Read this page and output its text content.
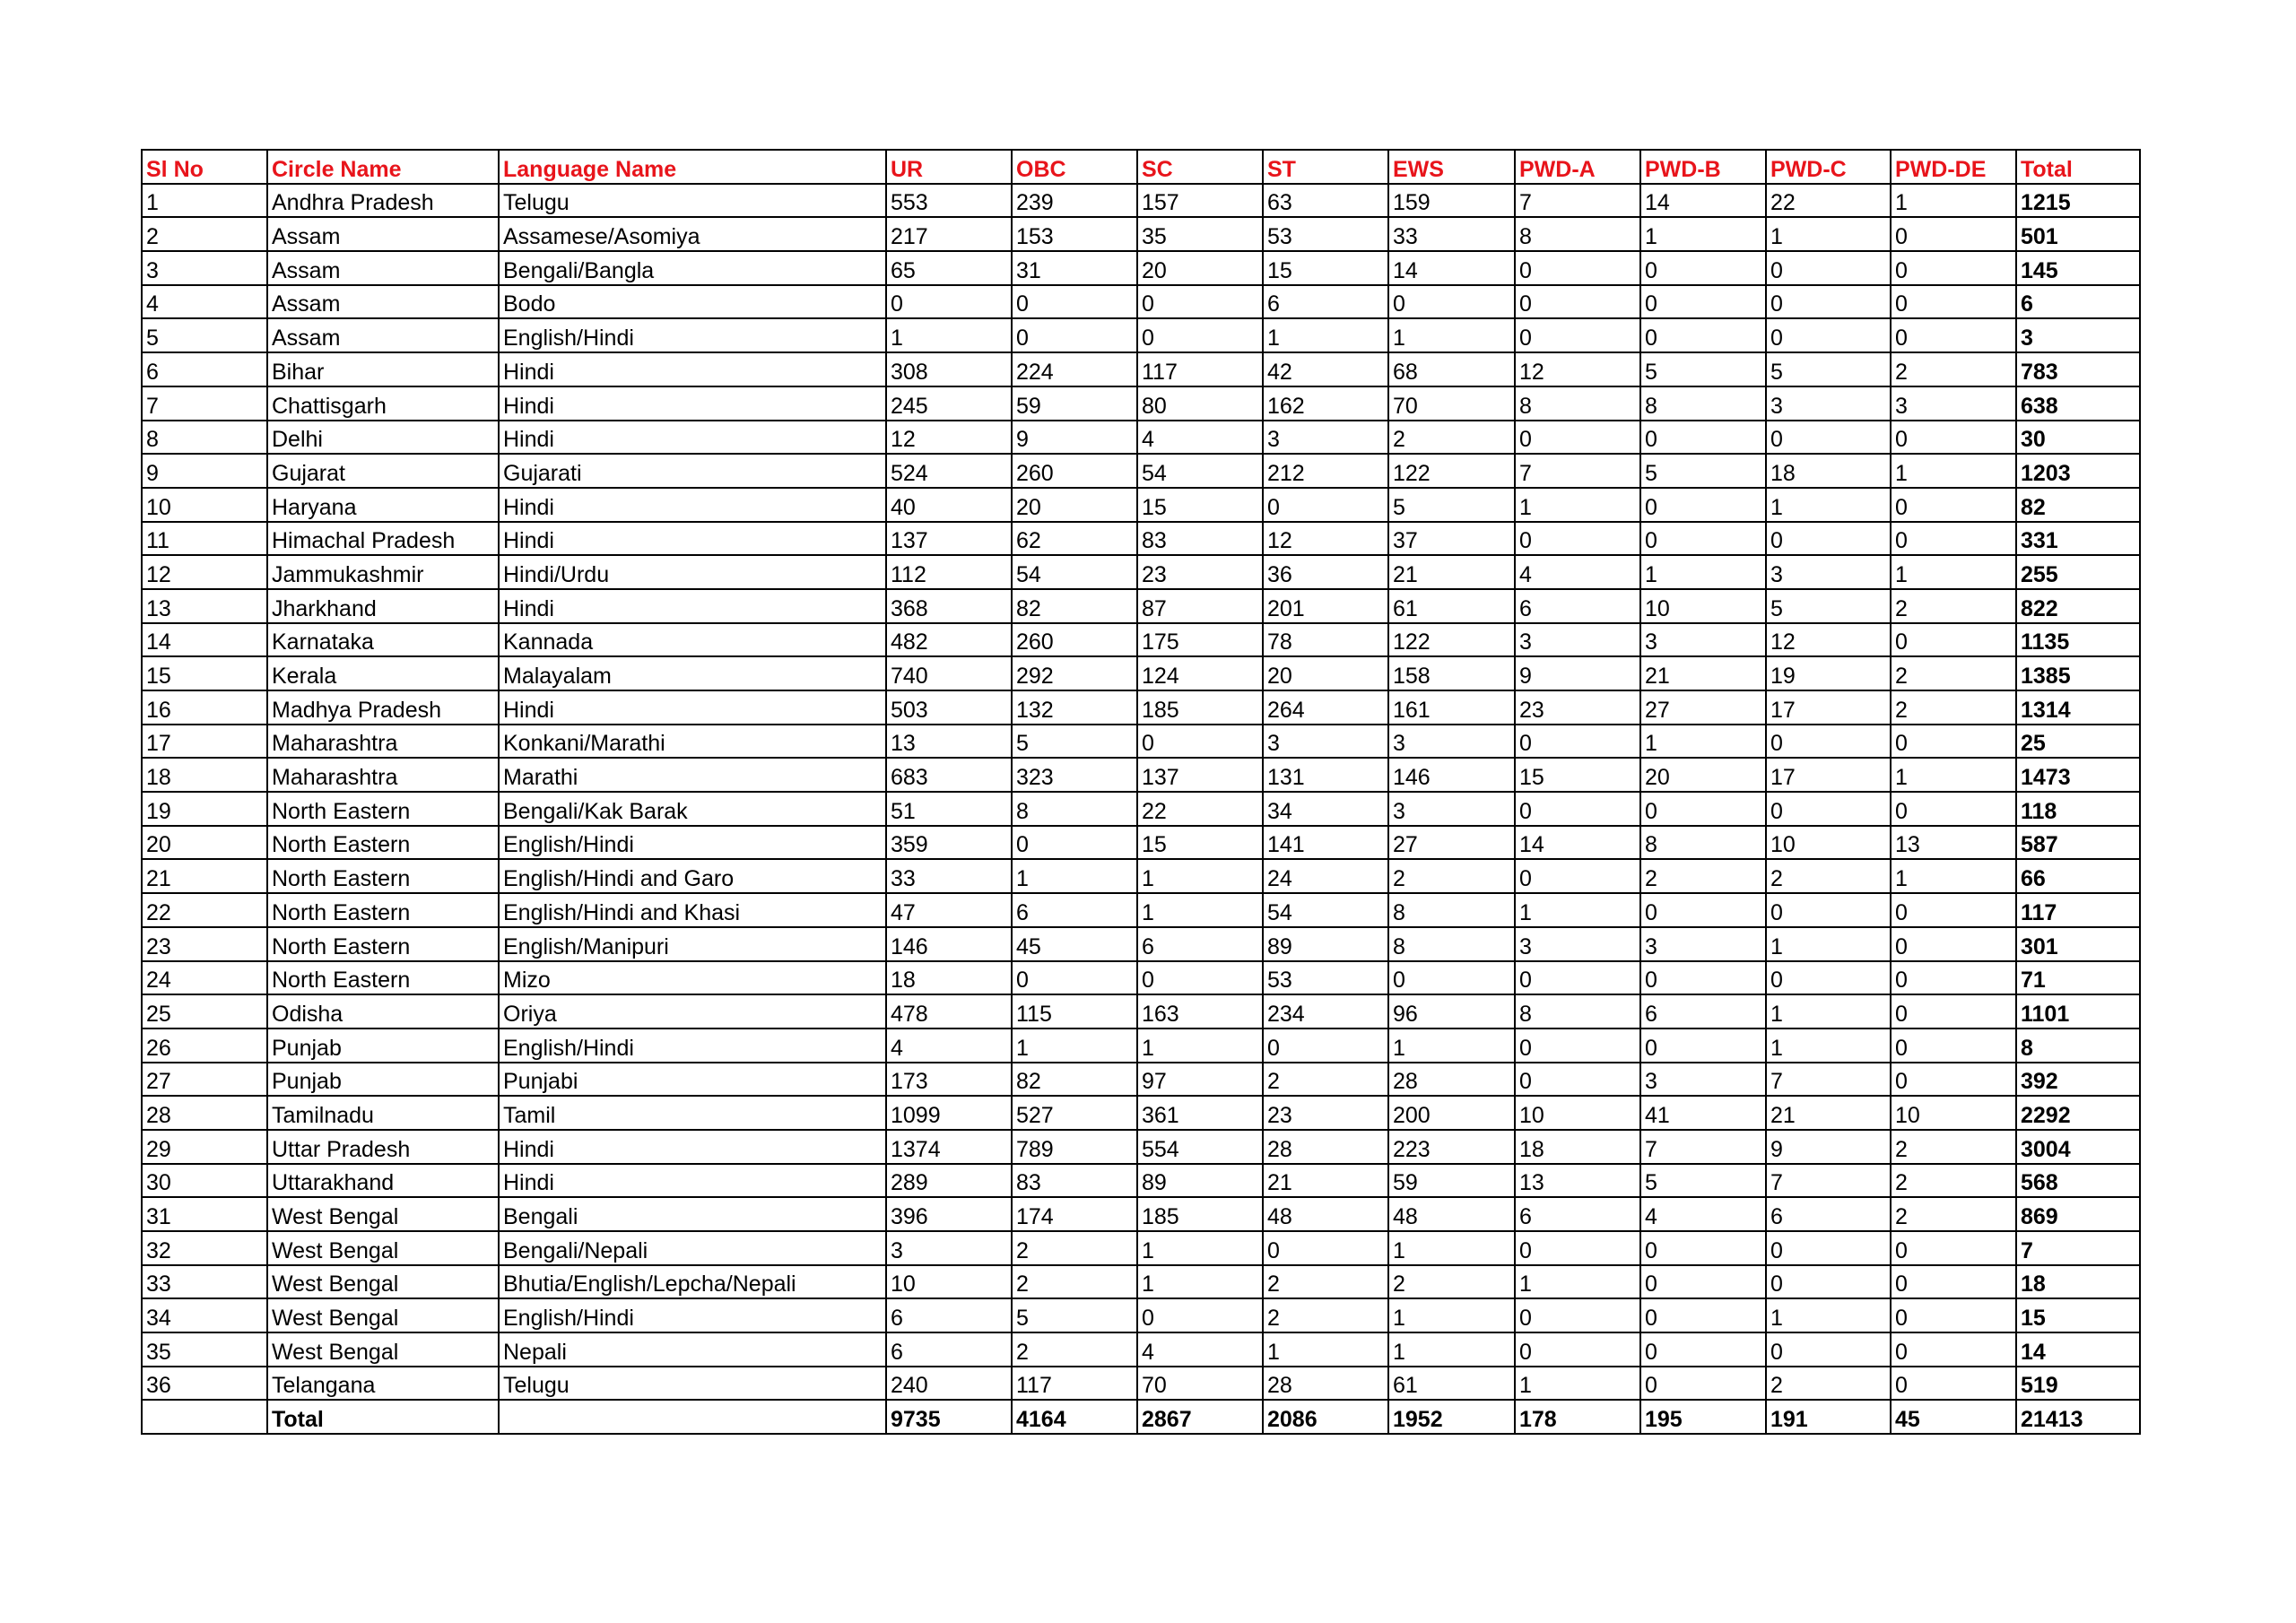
Sl No	Circle Name	Language Name	UR	OBC	SC	ST	EWS	PWD-A	PWD-B	PWD-C	PWD-DE	Total
1	Andhra Pradesh	Telugu	553	239	157	63	159	7	14	22	1	1215
2	Assam	Assamese/Asomiya	217	153	35	53	33	8	1	1	0	501
3	Assam	Bengali/Bangla	65	31	20	15	14	0	0	0	0	145
4	Assam	Bodo	0	0	0	6	0	0	0	0	0	6
5	Assam	English/Hindi	1	0	0	1	1	0	0	0	0	3
6	Bihar	Hindi	308	224	117	42	68	12	5	5	2	783
7	Chattisgarh	Hindi	245	59	80	162	70	8	8	3	3	638
8	Delhi	Hindi	12	9	4	3	2	0	0	0	0	30
9	Gujarat	Gujarati	524	260	54	212	122	7	5	18	1	1203
10	Haryana	Hindi	40	20	15	0	5	1	0	1	0	82
11	Himachal Pradesh	Hindi	137	62	83	12	37	0	0	0	0	331
12	Jammukashmir	Hindi/Urdu	112	54	23	36	21	4	1	3	1	255
13	Jharkhand	Hindi	368	82	87	201	61	6	10	5	2	822
14	Karnataka	Kannada	482	260	175	78	122	3	3	12	0	1135
15	Kerala	Malayalam	740	292	124	20	158	9	21	19	2	1385
16	Madhya Pradesh	Hindi	503	132	185	264	161	23	27	17	2	1314
17	Maharashtra	Konkani/Marathi	13	5	0	3	3	0	1	0	0	25
18	Maharashtra	Marathi	683	323	137	131	146	15	20	17	1	1473
19	North Eastern	Bengali/Kak Barak	51	8	22	34	3	0	0	0	0	118
20	North Eastern	English/Hindi	359	0	15	141	27	14	8	10	13	587
21	North Eastern	English/Hindi and Garo	33	1	1	24	2	0	2	2	1	66
22	North Eastern	English/Hindi and Khasi	47	6	1	54	8	1	0	0	0	117
23	North Eastern	English/Manipuri	146	45	6	89	8	3	3	1	0	301
24	North Eastern	Mizo	18	0	0	53	0	0	0	0	0	71
25	Odisha	Oriya	478	115	163	234	96	8	6	1	0	1101
26	Punjab	English/Hindi	4	1	1	0	1	0	0	1	0	8
27	Punjab	Punjabi	173	82	97	2	28	0	3	7	0	392
28	Tamilnadu	Tamil	1099	527	361	23	200	10	41	21	10	2292
29	Uttar Pradesh	Hindi	1374	789	554	28	223	18	7	9	2	3004
30	Uttarakhand	Hindi	289	83	89	21	59	13	5	7	2	568
31	West Bengal	Bengali	396	174	185	48	48	6	4	6	2	869
32	West Bengal	Bengali/Nepali	3	2	1	0	1	0	0	0	0	7
33	West Bengal	Bhutia/English/Lepcha/Nepali	10	2	1	2	2	1	0	0	0	18
34	West Bengal	English/Hindi	6	5	0	2	1	0	0	1	0	15
35	West Bengal	Nepali	6	2	4	1	1	0	0	0	0	14
36	Telangana	Telugu	240	117	70	28	61	1	0	2	0	519
	Total		9735	4164	2867	2086	1952	178	195	191	45	21413
